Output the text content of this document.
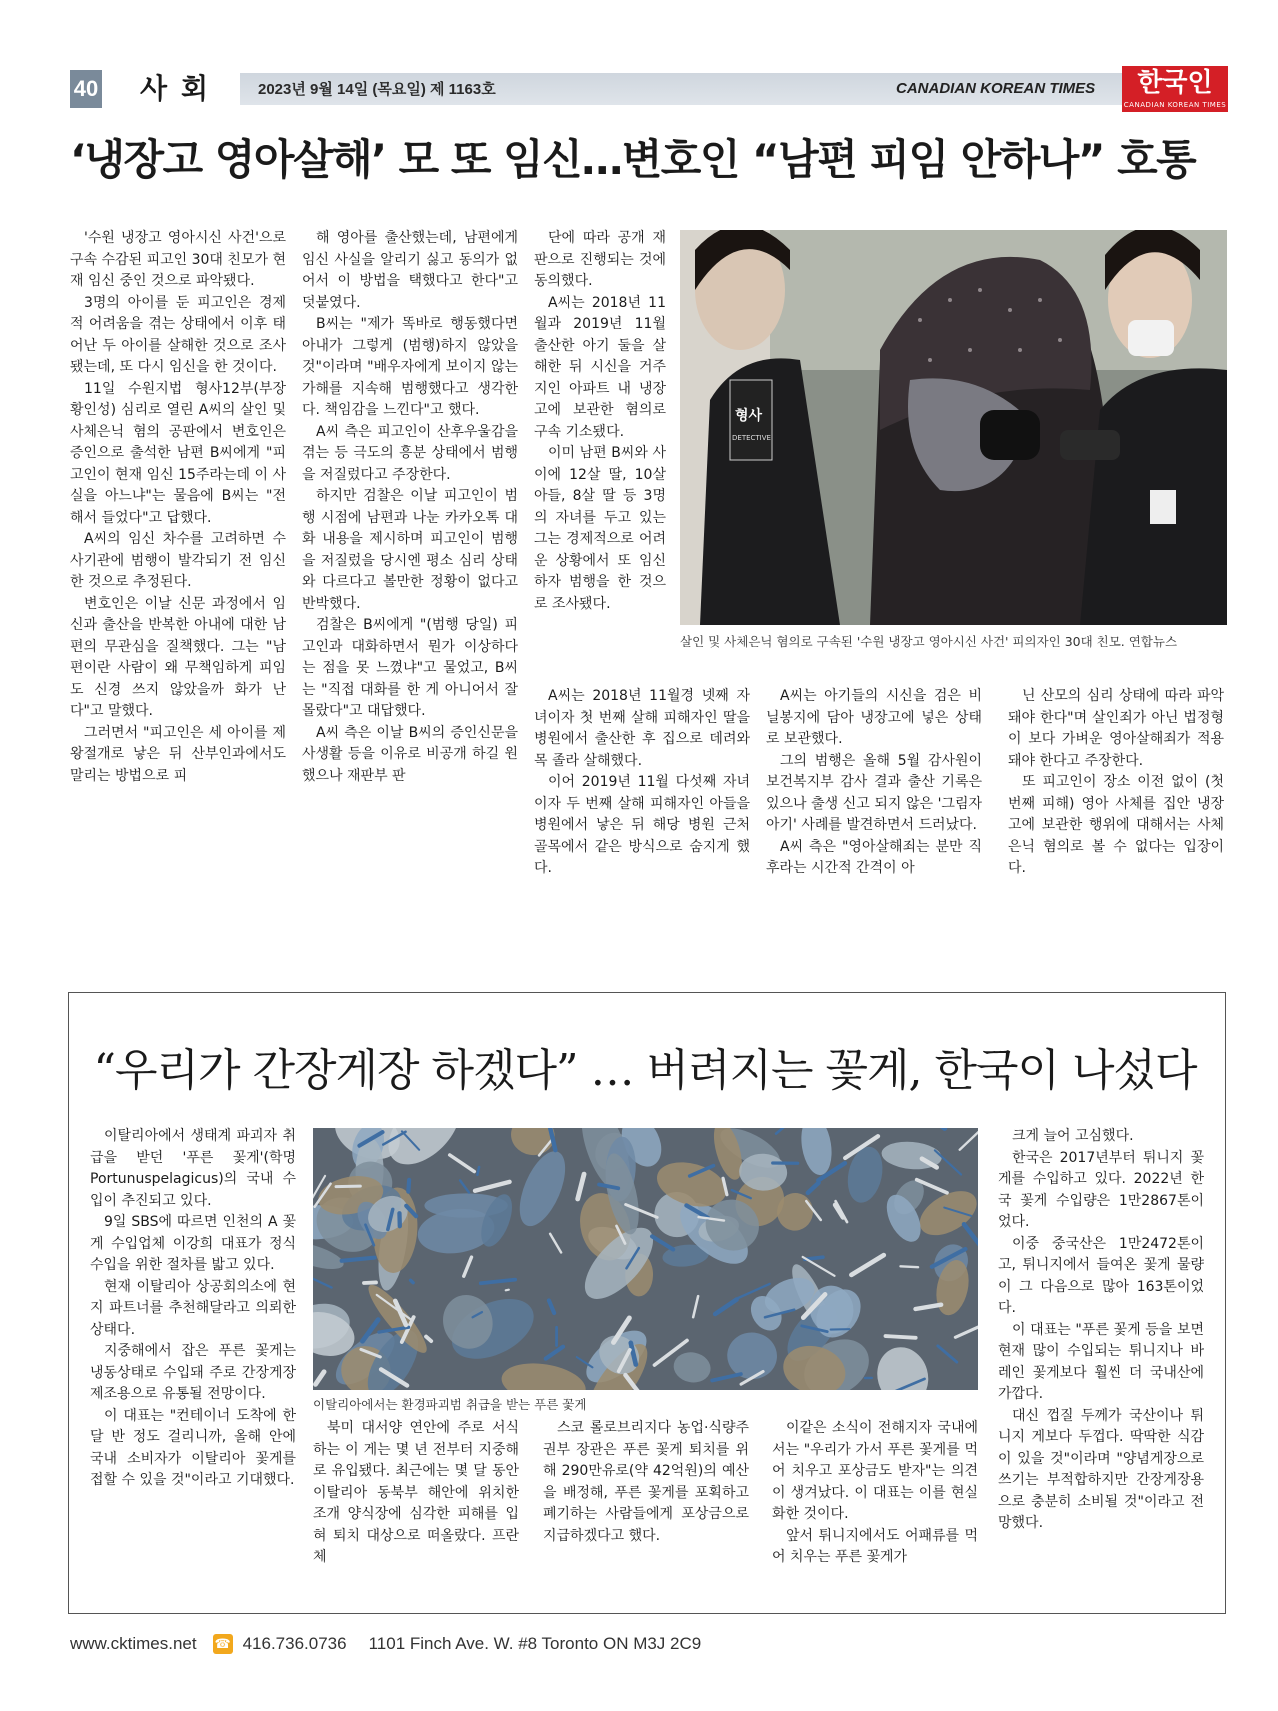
40 사회 2023년 9월 14일 (목요일) 제 1163호	CANADIAN KOREAN TIMES	한국인
CANADIAN KOREAN TIMES WEEKLY
‘냉장고 영아살해’ 모 또 임신…변호인 “남편 피임 안하나” 호통

'수원 냉장고 영아시신 사건'으로 구속 수감된 피고인 30대 친모가 현재 임신 중인 것으로 파악됐다.

3명의 아이를 둔 피고인은 경제적 어려움을 겪는 상태에서 이후 태어난 두 아이를 살해한 것으로 조사됐는데, 또 다시 임신을 한 것이다.

11일 수원지법 형사12부(부장 황인성) 심리로 열린 A씨의 살인 및 사체은닉 혐의 공판에서 변호인은 증인으로 출석한 남편 B씨에게 "피고인이 현재 임신 15주라는데 이 사실을 아느냐"는 물음에 B씨는 "전해서 들었다"고 답했다.

A씨의 임신 차수를 고려하면 수사기관에 범행이 발각되기 전 임신한 것으로 추정된다.

변호인은 이날 신문 과정에서 임신과 출산을 반복한 아내에 대한 남편의 무관심을 질책했다. 그는 "남편이란 사람이 왜 무책임하게 피임도 신경 쓰지 않았을까 화가 난다"고 말했다.

그러면서 "피고인은 세 아이를 제왕절개로 낳은 뒤 산부인과에서도 말리는 방법으로 피

해 영아를 출산했는데, 남편에게 임신 사실을 알리기 싫고 동의가 없어서 이 방법을 택했다고 한다"고 덧붙였다.

B씨는 "제가 똑바로 행동했다면 아내가 그렇게 (범행)하지 않았을 것"이라며 "배우자에게 보이지 않는 가해를 지속해 범행했다고 생각한다. 책임감을 느낀다"고 했다.

A씨 측은 피고인이 산후우울감을 겪는 등 극도의 흥분 상태에서 범행을 저질렀다고 주장한다.

하지만 검찰은 이날 피고인이 범행 시점에 남편과 나눈 카카오톡 대화 내용을 제시하며 피고인이 범행을 저질렀을 당시엔 평소 심리 상태와 다르다고 볼만한 정황이 없다고 반박했다.

검찰은 B씨에게 "(범행 당일) 피고인과 대화하면서 뭔가 이상하다는 점을 못 느꼈냐"고 물었고, B씨는 "직접 대화를 한 게 아니어서 잘 몰랐다"고 대답했다.

A씨 측은 이날 B씨의 증인신문을 사생활 등을 이유로 비공개 하길 원했으나 재판부 판

단에 따라 공개 재판으로 진행되는 것에 동의했다.

A씨는 2018년 11월과 2019년 11월 출산한 아기 둘을 살해한 뒤 시신을 거주지인 아파트 내 냉장고에 보관한 혐의로 구속 기소됐다.

이미 남편 B씨와 사이에 12살 딸, 10살 아들, 8살 딸 등 3명의 자녀를 두고 있는 그는 경제적으로 어려운 상황에서 또 임신하자 범행을 한 것으로 조사됐다.

형사
DETECTIVE
살인 및 사체은닉 혐의로 구속된 '수원 냉장고 영아시신 사건' 피의자인 30대 친모. 연합뉴스

A씨는 2018년 11월경 넷째 자녀이자 첫 번째 살해 피해자인 딸을 병원에서 출산한 후 집으로 데려와 목 졸라 살해했다.

이어 2019년 11월 다섯째 자녀이자 두 번째 살해 피해자인 아들을 병원에서 낳은 뒤 해당 병원 근처 골목에서 같은 방식으로 숨지게 했다.

A씨는 아기들의 시신을 검은 비닐봉지에 담아 냉장고에 넣은 상태로 보관했다.

그의 범행은 올해 5월 감사원이 보건복지부 감사 결과 출산 기록은 있으나 출생 신고 되지 않은 '그림자 아기' 사례를 발견하면서 드러났다.

A씨 측은 "영아살해죄는 분만 직후라는 시간적 간격이 아

닌 산모의 심리 상태에 따라 파악돼야 한다"며 살인죄가 아닌 법정형이 보다 가벼운 영아살해죄가 적용돼야 한다고 주장한다.

또 피고인이 장소 이전 없이 (첫번째 피해) 영아 사체를 집안 냉장고에 보관한 행위에 대해서는 사체은닉 혐의로 볼 수 없다는 입장이다.

“우리가 간장게장 하겠다” … 버려지는 꽃게, 한국이 나섰다

이탈리아에서 생태계 파괴자 취급을 받던 '푸른 꽃게'(학명 Portunuspelagicus)의 국내 수입이 추진되고 있다.

9일 SBS에 따르면 인천의 A 꽃게 수입업체 이강희 대표가 정식 수입을 위한 절차를 밟고 있다.

현재 이탈리아 상공회의소에 현지 파트너를 추천해달라고 의뢰한 상태다.

지중해에서 잡은 푸른 꽃게는 냉동상태로 수입돼 주로 간장게장 제조용으로 유통될 전망이다.

이 대표는 "컨테이너 도착에 한 달 반 정도 걸리니까, 올해 안에 국내 소비자가 이탈리아 꽃게를 접할 수 있을 것"이라고 기대했다.

이탈리아에서는 환경파괴범 취급을 받는 푸른 꽃게

북미 대서양 연안에 주로 서식하는 이 게는 몇 년 전부터 지중해로 유입됐다. 최근에는 몇 달 동안 이탈리아 동북부 해안에 위치한 조개 양식장에 심각한 피해를 입혀 퇴치 대상으로 떠올랐다. 프란체

스코 롤로브리지다 농업·식량주권부 장관은 푸른 꽃게 퇴치를 위해 290만유로(약 42억원)의 예산을 배정해, 푸른 꽃게를 포획하고 폐기하는 사람들에게 포상금으로 지급하겠다고 했다.

이같은 소식이 전해지자 국내에서는 "우리가 가서 푸른 꽃게를 먹어 치우고 포상금도 받자"는 의견이 생겨났다. 이 대표는 이를 현실화한 것이다.

앞서 튀니지에서도 어패류를 먹어 치우는 푸른 꽃게가

크게 늘어 고심했다.

한국은 2017년부터 튀니지 꽃게를 수입하고 있다. 2022년 한국 꽃게 수입량은 1만2867톤이었다.

이중 중국산은 1만2472톤이고, 튀니지에서 들여온 꽃게 물량이 그 다음으로 많아 163톤이었다.

이 대표는 "푸른 꽃게 등을 보면 현재 많이 수입되는 튀니지나 바레인 꽃게보다 훨씬 더 국내산에 가깝다.

대신 껍질 두께가 국산이나 튀니지 게보다 두껍다. 딱딱한 식감이 있을 것"이라며 "양념게장으로 쓰기는 부적합하지만 간장게장용으로 충분히 소비될 것"이라고 전망했다.

www.cktimes.net ☎ 416.736.0736 1101 Finch Ave. W. #8 Toronto ON M3J 2C9
